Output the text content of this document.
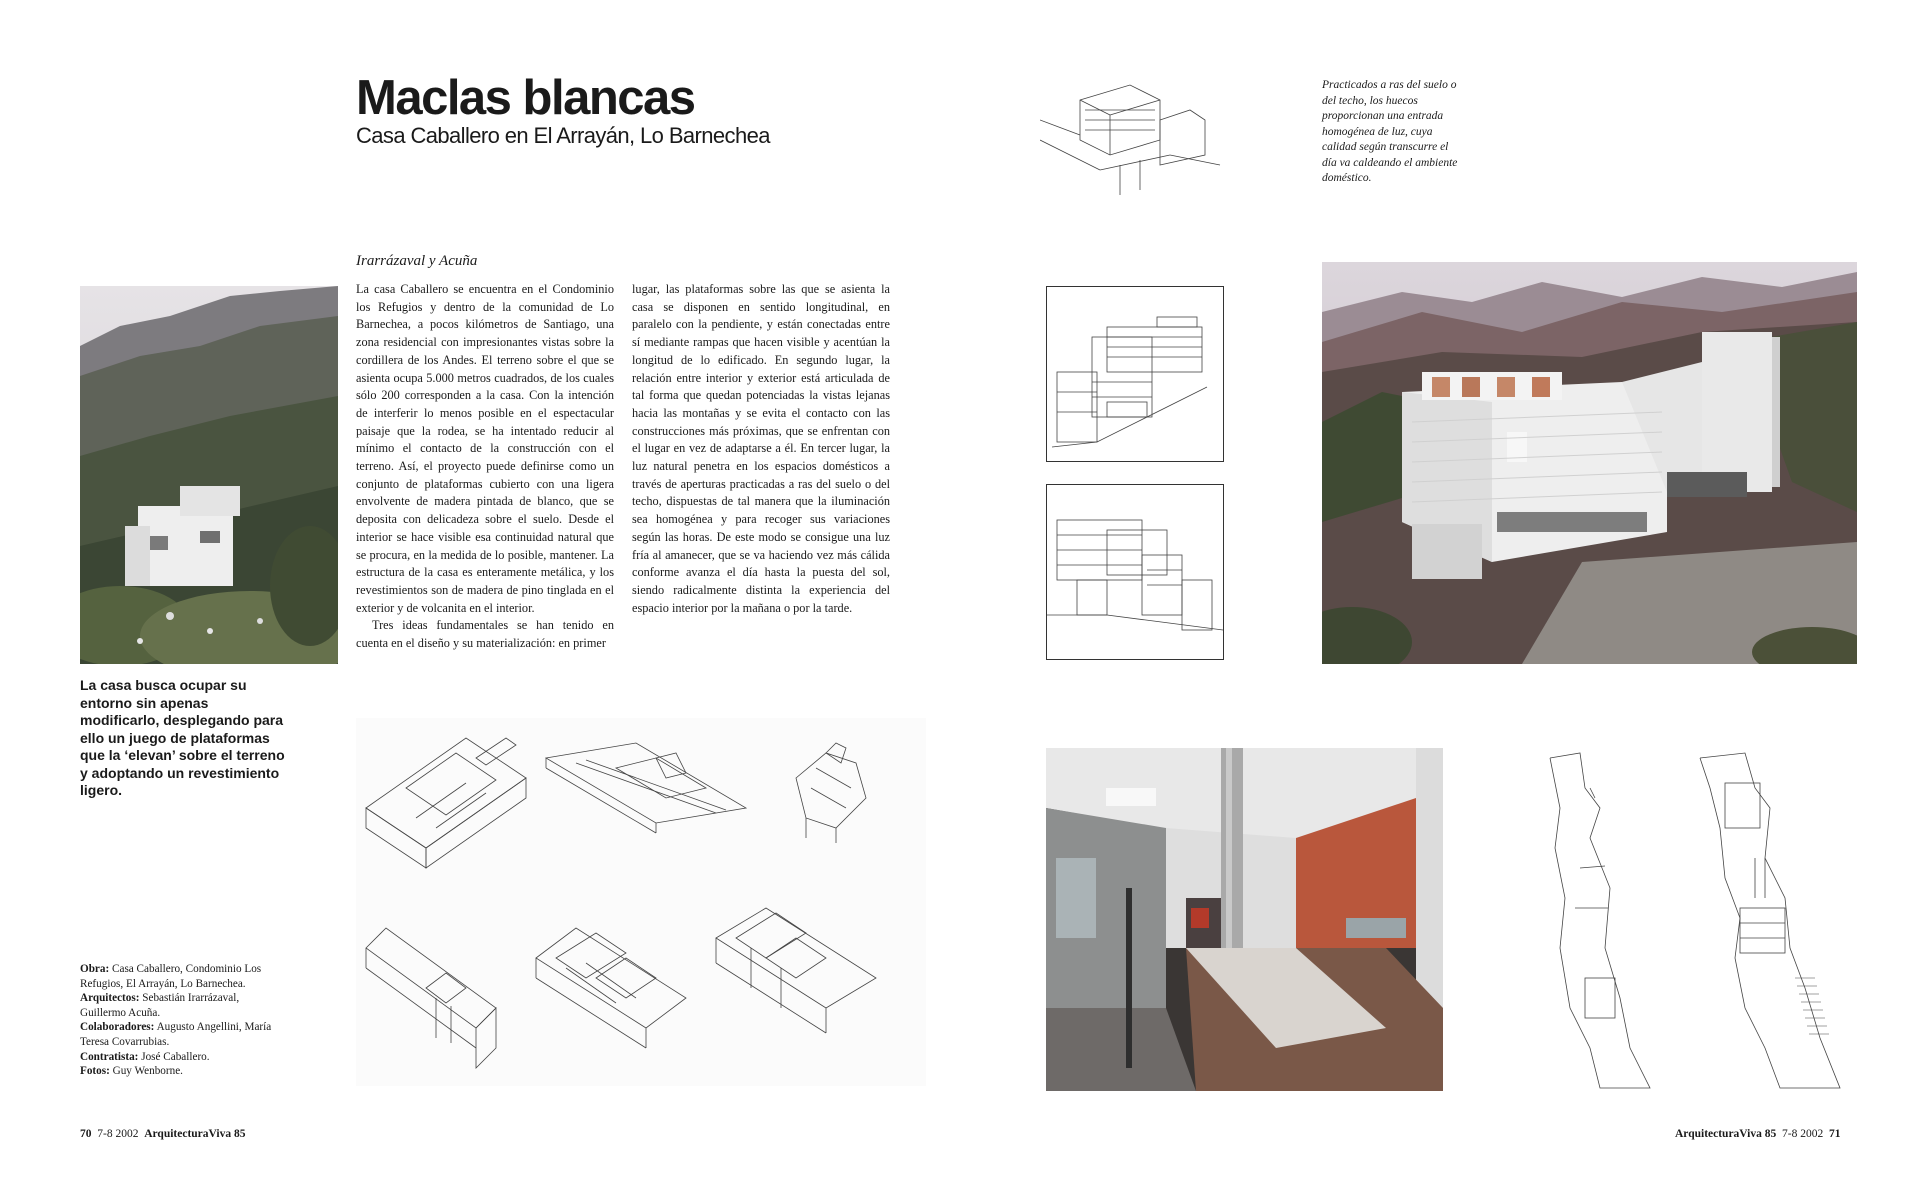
Maclas blancas
Casa Caballero en El Arrayán, Lo Barnechea
Irarrázaval y Acuña

La casa Caballero se encuentra en el Condominio los Refugios y dentro de la comunidad de Lo Barnechea, a pocos kilómetros de Santiago, una zona residencial con impresionantes vistas sobre la cordillera de los Andes. El terreno sobre el que se asienta ocupa 5.000 metros cuadrados, de los cuales sólo 200 corresponden a la casa. Con la intención de interferir lo menos posible en el espectacular paisaje que la rodea, se ha intentado reducir al mínimo el contacto de la construcción con el terreno. Así, el proyecto puede definirse como un conjunto de plataformas cubierto con una ligera envolvente de madera pintada de blanco, que se deposita con delicadeza sobre el suelo. Desde el interior se hace visible esa continuidad natural que se procura, en la medida de lo posible, mantener. La estructura de la casa es enteramente metálica, y los revestimientos son de madera de pino tinglada en el exterior y de volcanita en el interior.

Tres ideas fundamentales se han tenido en cuenta en el diseño y su materialización: en primer

La casa busca ocupar su entorno sin apenas modificarlo, desplegando para ello un juego de plataformas que la ‘elevan’ sobre el terreno y adoptando un revestimiento ligero.
Obra: Casa Caballero, Condominio Los Refugios, El Arrayán, Lo Barnechea.
Arquitectos: Sebastián Irarrázaval, Guillermo Acuña.
Colaboradores: Augusto Angellini, María Teresa Covarrubias.
Contratista: José Caballero.
Fotos: Guy Wenborne.
70 7-8 2002 ArquitecturaViva 85

lugar, las plataformas sobre las que se asienta la casa se disponen en sentido longitudinal, en paralelo con la pendiente, y están conectadas entre sí mediante rampas que hacen visible y acentúan la longitud de lo edificado. En segundo lugar, la relación entre interior y exterior está articulada de tal forma que quedan potenciadas la vistas lejanas hacia las montañas y se evita el contacto con las construcciones más próximas, que se enfrentan con el lugar en vez de adaptarse a él. En tercer lugar, la luz natural penetra en los espacios domésticos a través de aperturas practicadas a ras del suelo o del techo, dispuestas de tal manera que la iluminación sea homogénea y para recoger sus variaciones según las horas. De este modo se consigue una luz fría al amanecer, que se va haciendo vez más cálida conforme avanza el día hasta la puesta del sol, siendo radicalmente distinta la experiencia del espacio interior por la mañana o por la tarde.

Practicados a ras del suelo o del techo, los huecos proporcionan una entrada homogénea de luz, cuya calidad según transcurre el día va caldeando el ambiente doméstico.
ArquitecturaViva 85 7-8 2002 71
